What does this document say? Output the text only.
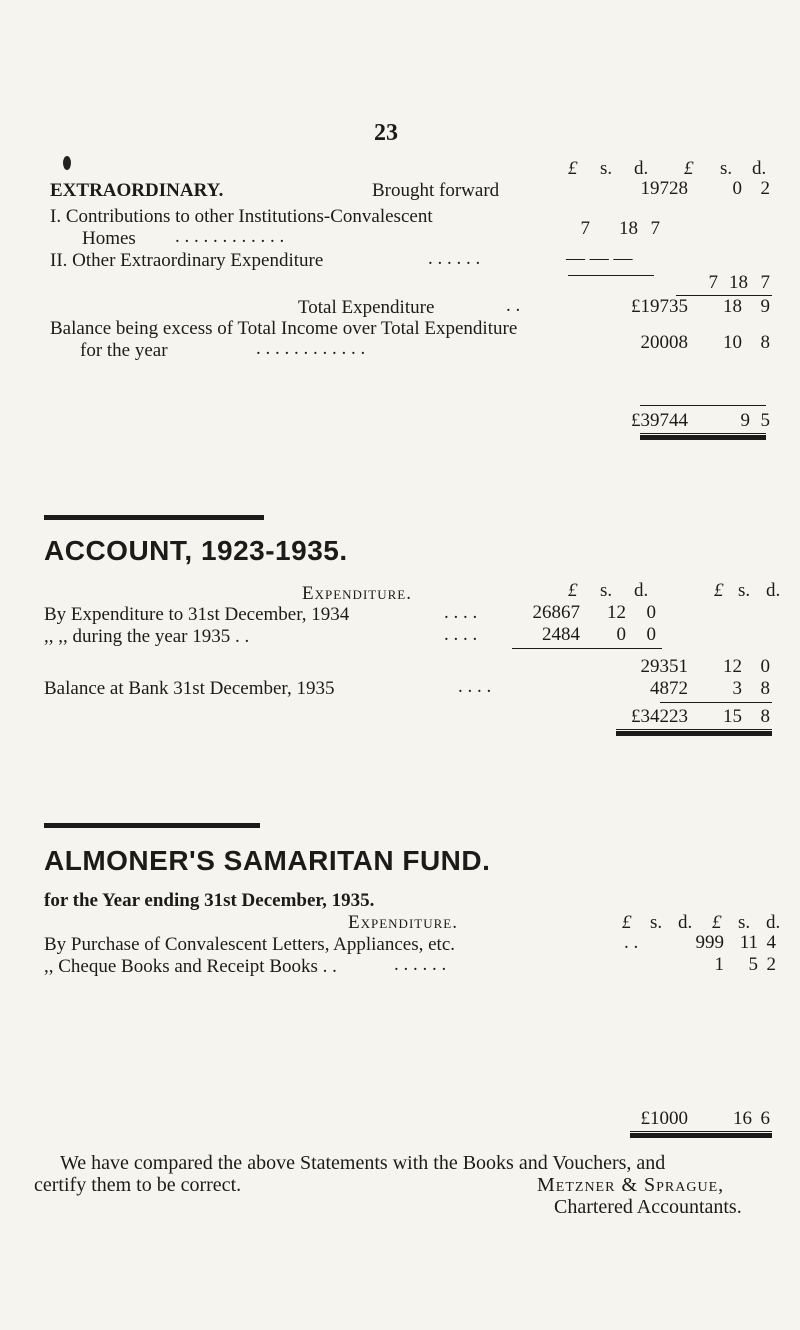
23
EXTRAORDINARY.	Brought forward
£ s. d. £ s. d.
19728 0 2
I. Contributions to other Institutions-Convalescent
Homes . . . . . . . . . . . .	7 18 7
II. Other Extraordinary Expenditure	. . . . . .	— — —
7 18 7
Total Expenditure	. .	£19735 18 9
Balance being excess of Total Income over Total Expenditure
for the year	. . . . . . . . . . . .	20008 10 8
£39744	9 5
ACCOUNT, 1923-1935.
Expenditure.	£ s. d.	£ s. d.
By Expenditure to 31st December, 1934	. . . .	26867 12 0
,, ,, during the year 1935 . .	. . . .	2484 0 0
29351 12 0
Balance at Bank 31st December, 1935	. . . .	4872 3 8
£34223 15 8
ALMONER'S SAMARITAN FUND.
for the Year ending 31st December, 1935.
Expenditure.	£ s. d. £ s. d.
By Purchase of Convalescent Letters, Appliances, etc.	. .	999 11 4
,, Cheque Books and Receipt Books . .	. . . . . .	1 5 2
£1000 16 6
We have compared the above Statements with the Books and Vouchers, and
certify them to be correct.	Metzner & Sprague,
Chartered Accountants.
